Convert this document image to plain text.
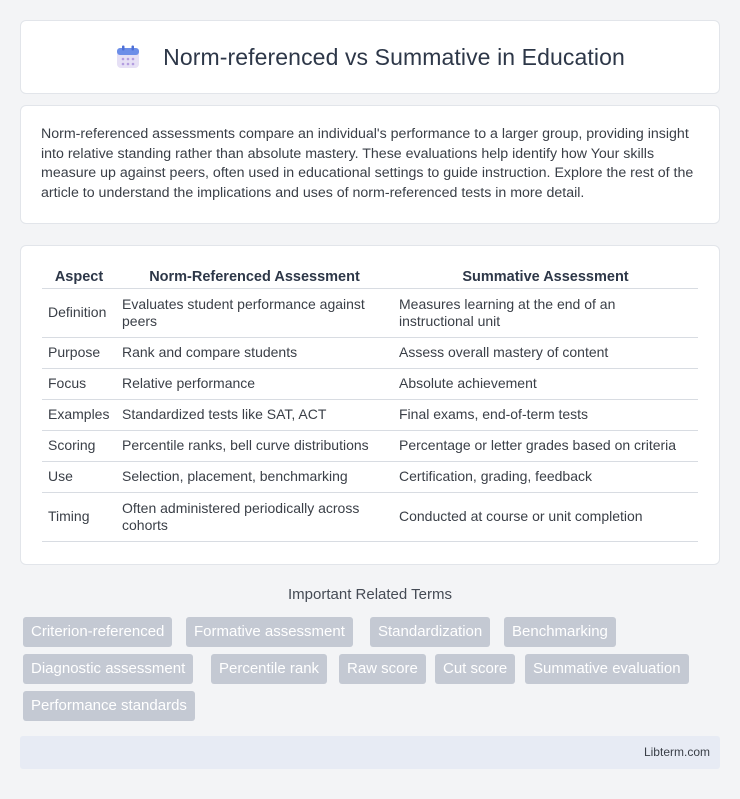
Norm-referenced vs Summative in Education

Norm-referenced assessments compare an individual's performance to a larger group, providing insight into relative standing rather than absolute mastery. These evaluations help identify how Your skills measure up against peers, often used in educational settings to guide instruction. Explore the rest of the article to understand the implications and uses of norm-referenced tests in more detail.

Aspect	Norm-Referenced Assessment	Summative Assessment
Definition	Evaluates student performance against peers	Measures learning at the end of an instructional unit
Purpose	Rank and compare students	Assess overall mastery of content
Focus	Relative performance	Absolute achievement
Examples	Standardized tests like SAT, ACT	Final exams, end-of-term tests
Scoring	Percentile ranks, bell curve distributions	Percentage or letter grades based on criteria
Use	Selection, placement, benchmarking	Certification, grading, feedback
Timing	Often administered periodically across cohorts	Conducted at course or unit completion
Important Related Terms
Criterion-referenced	Formative assessment	Standardization	Benchmarking
Diagnostic assessment	Percentile rank	Raw score	Cut score	Summative evaluation
Performance standards
Libterm.com
